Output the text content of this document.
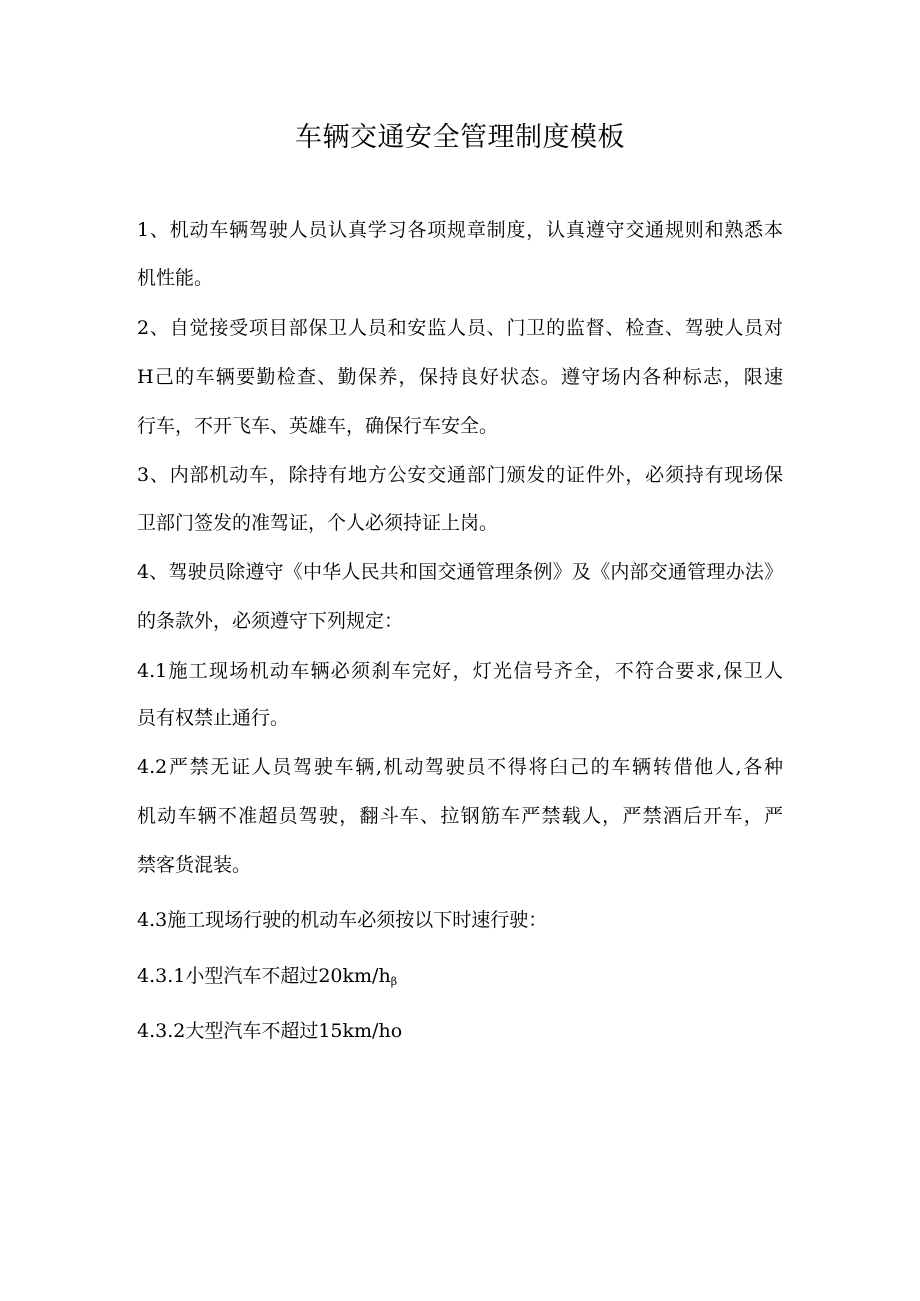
车辆交通安全管理制度模板
1、机动车辆驾驶人员认真学习各项规章制度，认真遵守交通规则和熟悉本
机性能。
2、自觉接受项目部保卫人员和安监人员、门卫的监督、检查、驾驶人员对
H己的车辆要勤检查、勤保养，保持良好状态。遵守场内各种标志，限速
行车，不开飞车、英雄车，确保行车安全。
3、内部机动车，除持有地方公安交通部门颁发的证件外，必须持有现场保
卫部门签发的准驾证，个人必须持证上岗。
4、驾驶员除遵守《中华人民共和国交通管理条例》及《内部交通管理办法》
的条款外，必须遵守下列规定：
4.1施工现场机动车辆必须刹车完好，灯光信号齐全，不符合要求,保卫人
员有权禁止通行。
4.2严禁无证人员驾驶车辆,机动驾驶员不得将臼己的车辆转借他人,各种
机动车辆不准超员驾驶，翻斗车、拉钢筋车严禁载人，严禁酒后开车，严
禁客货混装。
4.3施工现场行驶的机动车必须按以下时速行驶：
4.3.1小型汽车不超过$20km∕h_\beta$
4.3.2大型汽车不超过15km∕ho
